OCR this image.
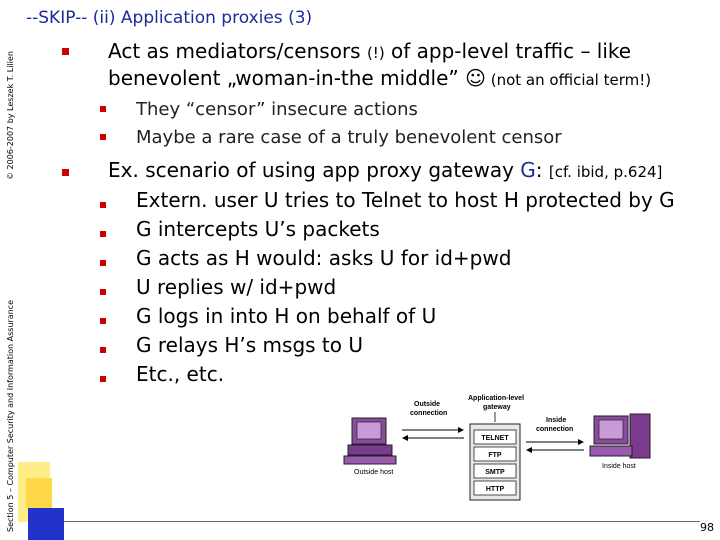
--SKIP-- (ii) Application proxies (3)
© 2006-2007 by Leszek T. Lilien
Section 5 – Computer Security and Information Assurance
Act as mediators/censors (!) of app-level traffic – like
benevolent „woman-in-the middle” ☺ (not an official term!)
They “censor” insecure actions
Maybe a rare case of a truly benevolent censor
Ex. scenario of using app proxy gateway G: [cf. ibid, p.624]
Extern. user U tries to Telnet to host H protected by G
G intercepts U’s packets
G acts as H would: asks U for id+pwd
U replies w/ id+pwd
G logs in into H on behalf of U
G relays H’s msgs to U
Etc., etc.
Outside host
Outside
connection
Application-level
gateway
TELNET
FTP
SMTP
HTTP
Inside
connection
Inside host
98
